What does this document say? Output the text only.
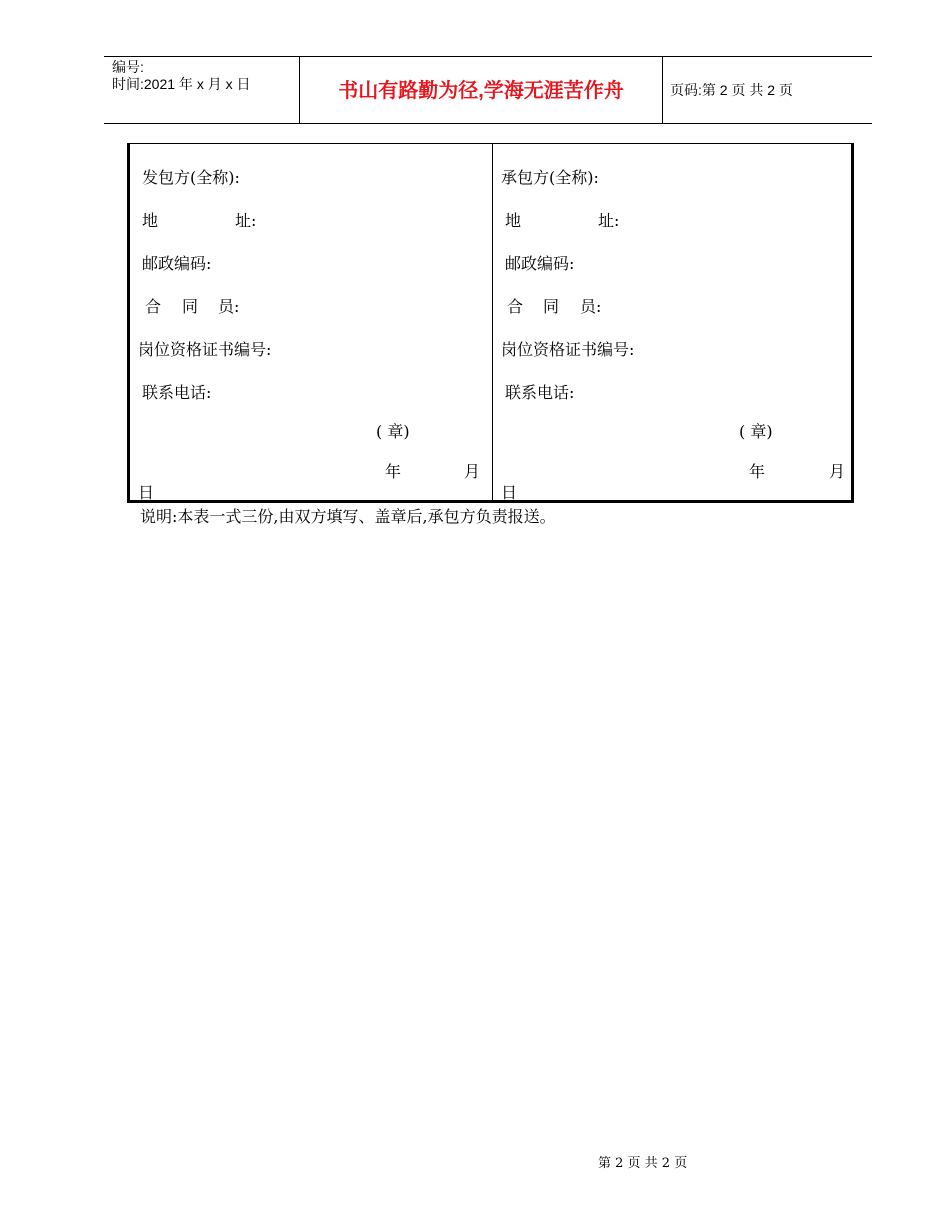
编号:
时间:2021 年 x 月 x 日	书山有路勤为径,学海无涯苦作舟	页码:第 2 页 共 2 页
发包方(全称):
地	址:
邮政编码:
合 同 员:
岗位资格证书编号:
联系电话:
( 章)
年	月
日
承包方(全称):
地	址:
邮政编码:
合 同 员:
岗位资格证书编号:
联系电话:
( 章)
年	月
日
说明:本表一式三份,由双方填写、盖章后,承包方负责报送。
第 2 页 共 2 页
